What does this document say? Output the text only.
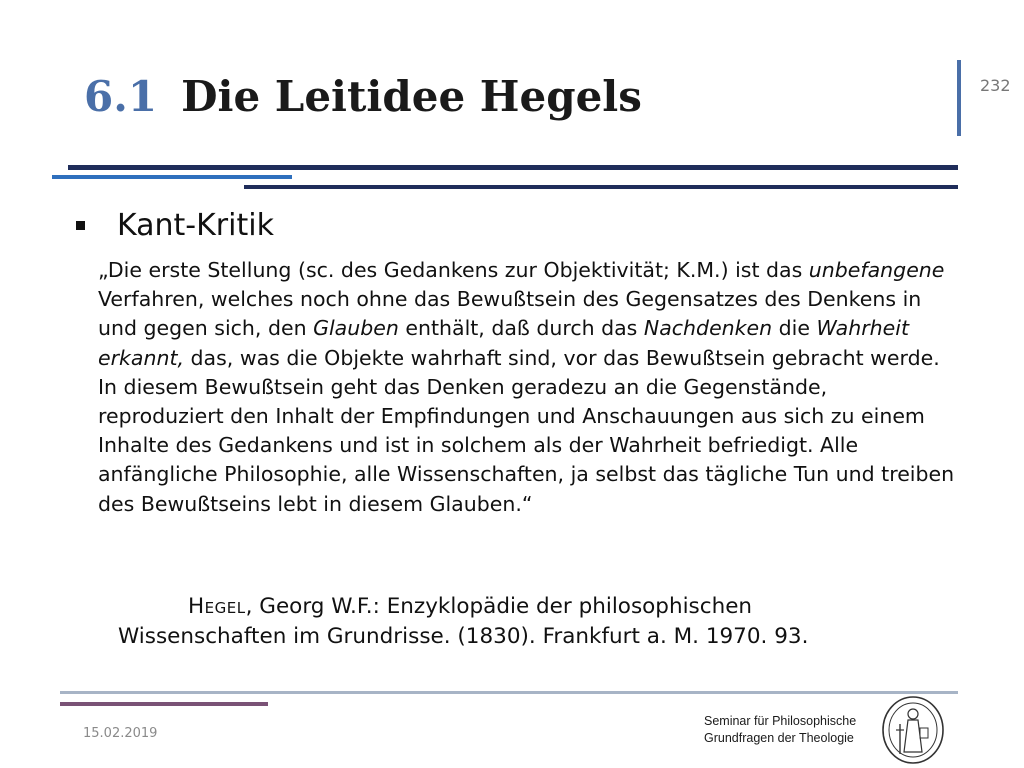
6.1 Die Leitidee Hegels	232
Kant-Kritik

„Die erste Stellung (sc. des Gedankens zur Objektivität; K.M.) ist das unbefangene Verfahren, welches noch ohne das Bewußtsein des Gegensatzes des Denkens in und gegen sich, den Glauben enthält, daß durch das Nachdenken die Wahrheit erkannt, das, was die Objekte wahrhaft sind, vor das Bewußtsein gebracht werde. In diesem Bewußtsein geht das Denken geradezu an die Gegenstände, reproduziert den Inhalt der Empfindungen und Anschauungen aus sich zu einem Inhalte des Gedankens und ist in solchem als der Wahrheit befriedigt. Alle anfängliche Philosophie, alle Wissenschaften, ja selbst das tägliche Tun und treiben des Bewußtseins lebt in diesem Glauben.“

Hegel, Georg W.F.: Enzyklopädie der philosophischen
Wissenschaften im Grundrisse. (1830). Frankfurt a. M. 1970. 93.

15.02.2019
Seminar für Philosophische
Grundfragen der Theologie
